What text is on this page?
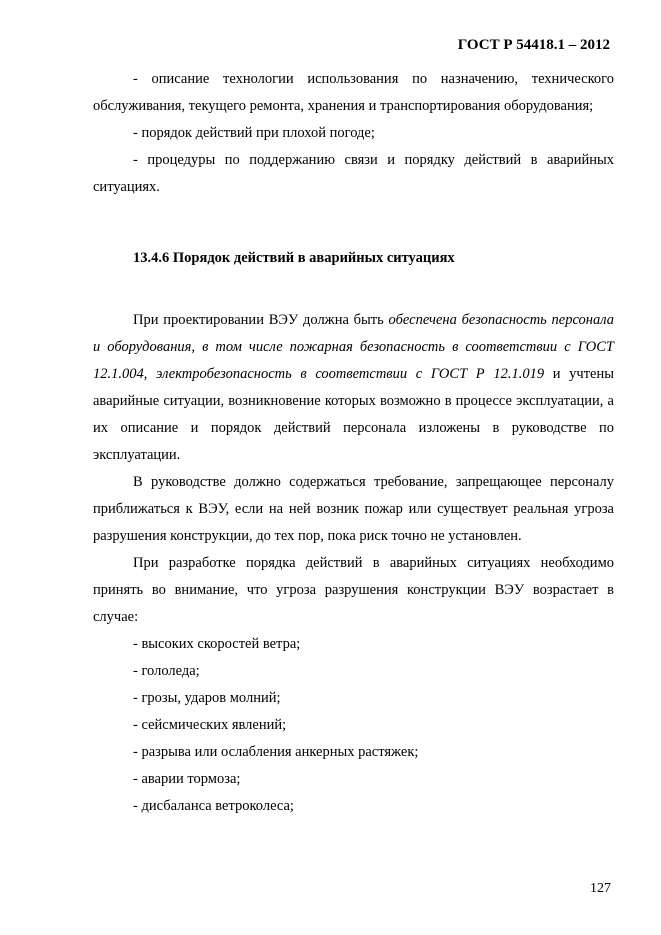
ГОСТ Р 54418.1 – 2012

- описание технологии использования по назначению, технического обслуживания, текущего ремонта, хранения и транспортирования оборудования;

- порядок действий при плохой погоде;

- процедуры по поддержанию связи и порядку действий в аварийных ситуациях.

13.4.6 Порядок действий в аварийных ситуациях

При проектировании ВЭУ должна быть обеспечена безопасность персонала и оборудования, в том числе пожарная безопасность в соответствии с ГОСТ 12.1.004, электробезопасность в соответствии с ГОСТ Р 12.1.019 и учтены аварийные ситуации, возникновение которых возможно в процессе эксплуатации, а их описание и порядок действий персонала изложены в руководстве по эксплуатации.

В руководстве должно содержаться требование, запрещающее персоналу приближаться к ВЭУ, если на ней возник пожар или существует реальная угроза разрушения конструкции, до тех пор, пока риск точно не установлен.

При разработке порядка действий в аварийных ситуациях необходимо принять во внимание, что угроза разрушения конструкции ВЭУ возрастает в случае:

- высоких скоростей ветра;

- гололеда;

- грозы, ударов молний;

- сейсмических явлений;

- разрыва или ослабления анкерных растяжек;

- аварии тормоза;

- дисбаланса ветроколеса;

127
